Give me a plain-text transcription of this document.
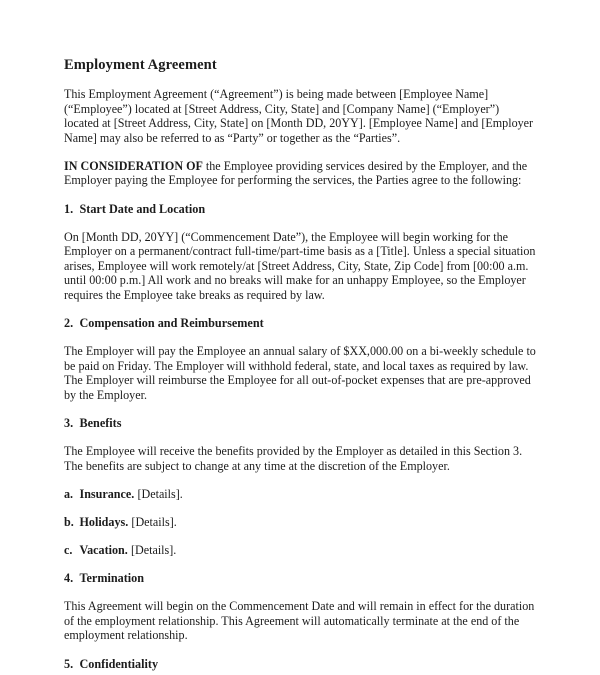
Employment Agreement

This Employment Agreement (“Agreement”) is being made between [Employee Name] (“Employee”) located at [Street Address, City, State] and [Company Name] (“Employer”) located at [Street Address, City, State] on [Month DD, 20YY]. [Employee Name] and [Employer Name] may also be referred to as “Party” or together as the “Parties”.

IN CONSIDERATION OF the Employee providing services desired by the Employer, and the Employer paying the Employee for performing the services, the Parties agree to the following:

1. Start Date and Location

On [Month DD, 20YY] (“Commencement Date”), the Employee will begin working for the Employer on a permanent/contract full-time/part-time basis as a [Title]. Unless a special situation arises, Employee will work remotely/at [Street Address, City, State, Zip Code] from [00:00 a.m. until 00:00 p.m.] All work and no breaks will make for an unhappy Employee, so the Employer requires the Employee take breaks as required by law.

2. Compensation and Reimbursement

The Employer will pay the Employee an annual salary of $XX,000.00 on a bi-weekly schedule to be paid on Friday. The Employer will withhold federal, state, and local taxes as required by law. The Employer will reimburse the Employee for all out-of-pocket expenses that are pre-approved by the Employer.

3. Benefits

The Employee will receive the benefits provided by the Employer as detailed in this Section 3. The benefits are subject to change at any time at the discretion of the Employer.

a. Insurance. [Details].
b. Holidays. [Details].
c. Vacation. [Details].
4. Termination

This Agreement will begin on the Commencement Date and will remain in effect for the duration of the employment relationship. This Agreement will automatically terminate at the end of the employment relationship.

5. Confidentiality
